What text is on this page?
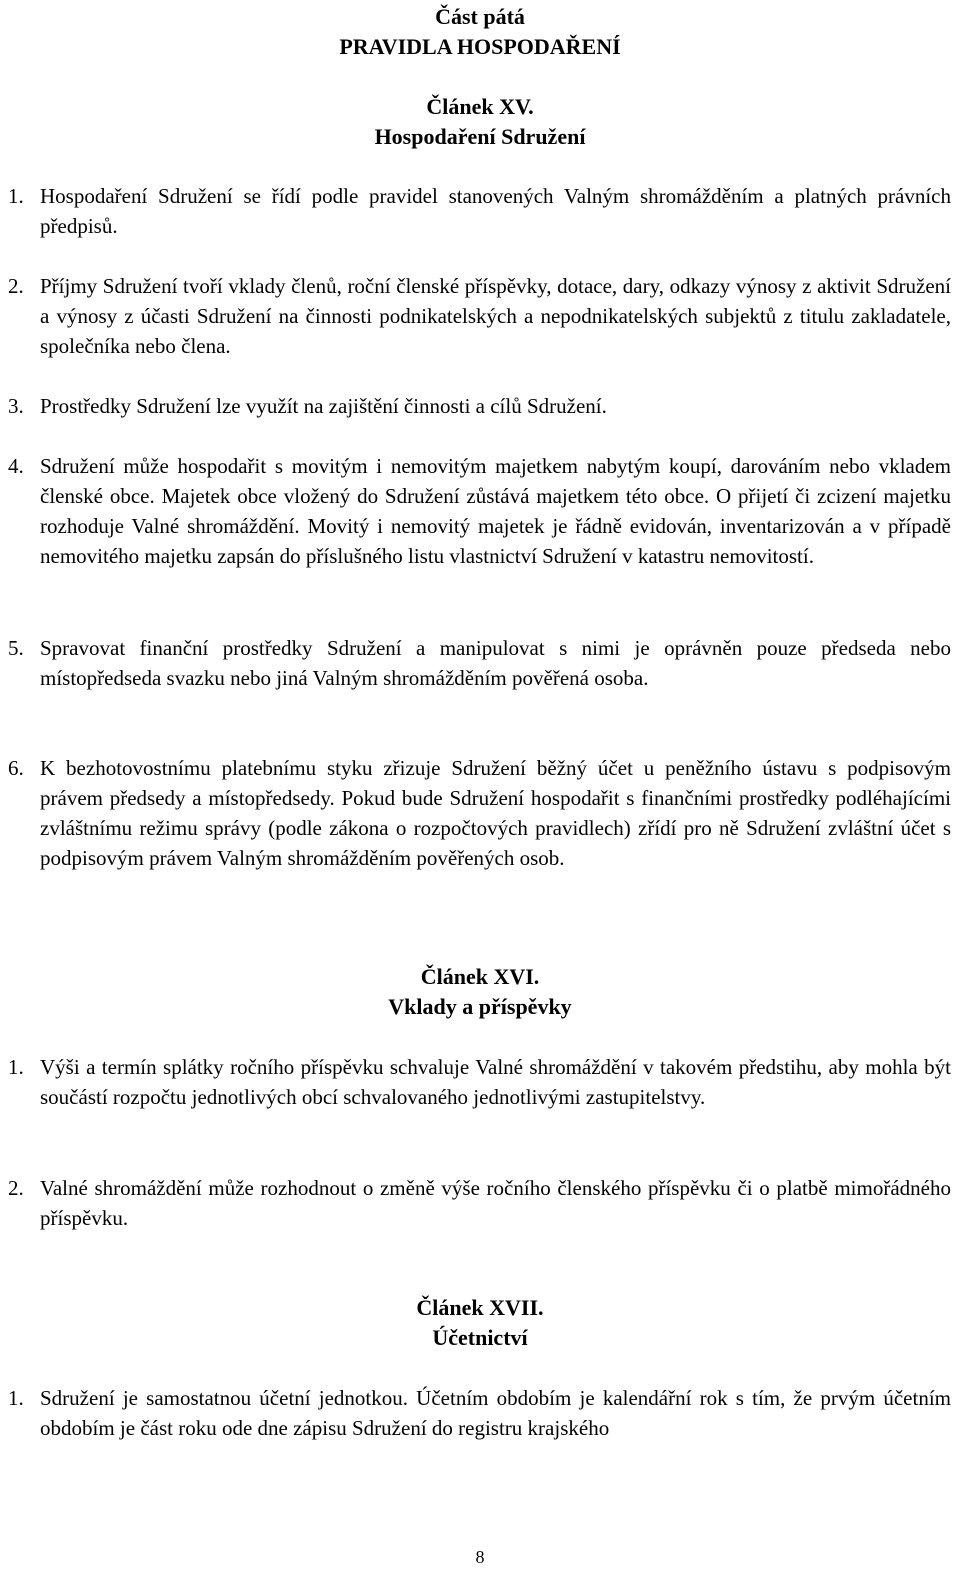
Část pátá
PRAVIDLA HOSPODAŘENÍ
Článek XV.
Hospodaření Sdružení
1. Hospodaření Sdružení se řídí podle pravidel stanovených Valným shromážděním a platných právních předpisů.

2. Příjmy Sdružení tvoří vklady členů, roční členské příspěvky, dotace, dary, odkazy výnosy z aktivit Sdružení a výnosy z účasti Sdružení na činnosti podnikatelských a nepodnikatelských subjektů z titulu zakladatele, společníka nebo člena.

3. Prostředky Sdružení lze využít na zajištění činnosti a cílů Sdružení.

4. Sdružení může hospodařit s movitým i nemovitým majetkem nabytým koupí, darováním nebo vkladem členské obce. Majetek obce vložený do Sdružení zůstává majetkem této obce. O přijetí či zcizení majetku rozhoduje Valné shromáždění. Movitý i nemovitý majetek je řádně evidován, inventarizován a v případě nemovitého majetku zapsán do příslušného listu vlastnictví Sdružení v katastru nemovitostí.

5. Spravovat finanční prostředky Sdružení a manipulovat s nimi je oprávněn pouze předseda nebo místopředseda svazku nebo jiná Valným shromážděním pověřená osoba.

6. K bezhotovostnímu platebnímu styku zřizuje Sdružení běžný účet u peněžního ústavu s podpisovým právem předsedy a místopředsedy. Pokud bude Sdružení hospodařit s finančními prostředky podléhajícími zvláštnímu režimu správy (podle zákona o rozpočtových pravidlech) zřídí pro ně Sdružení zvláštní účet s podpisovým právem Valným shromážděním pověřených osob.

Článek XVI.
Vklady a příspěvky
1. Výši a termín splátky ročního příspěvku schvaluje Valné shromáždění v takovém předstihu, aby mohla být součástí rozpočtu jednotlivých obcí schvalovaného jednotlivými zastupitelstvy.

2. Valné shromáždění může rozhodnout o změně výše ročního členského příspěvku či o platbě mimořádného příspěvku.

Článek XVII.
Účetnictví
1. Sdružení je samostatnou účetní jednotkou. Účetním obdobím je kalendářní rok s tím, že prvým účetním obdobím je část roku ode dne zápisu Sdružení do registru krajského

8
